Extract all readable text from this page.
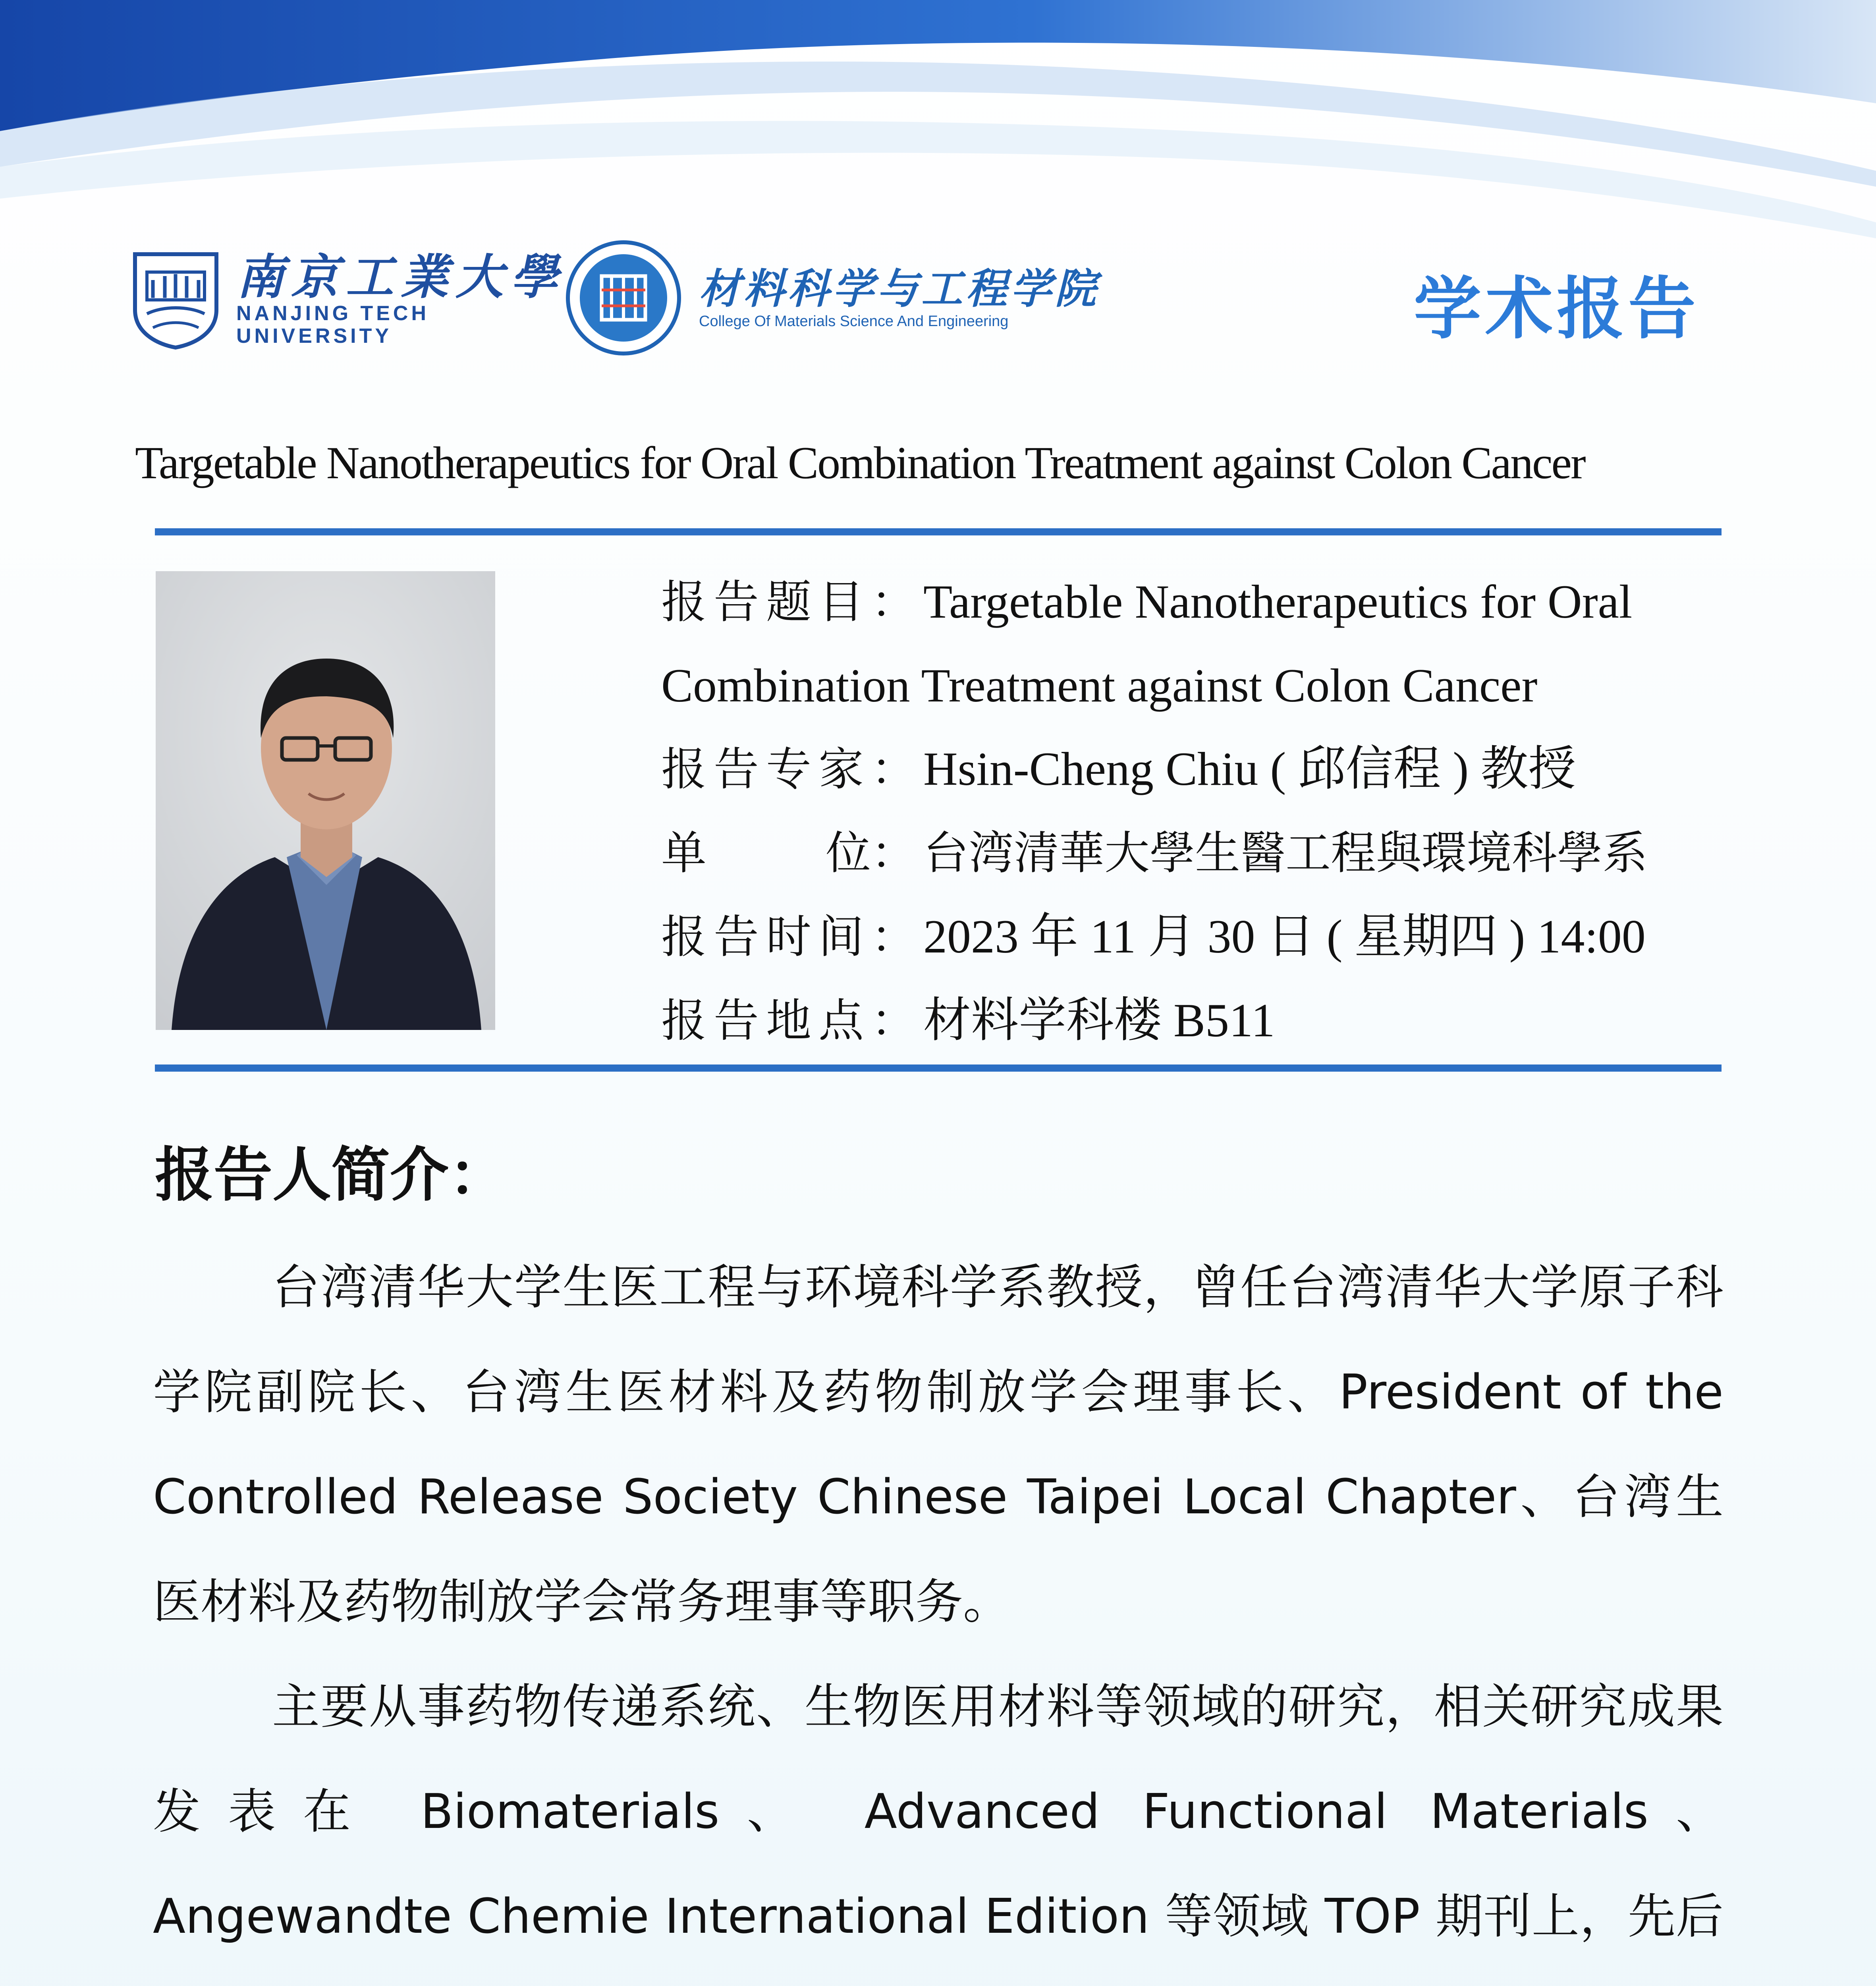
南京工業大學
NANJING TECH
UNIVERSITY
材料科学与工程学院
College Of Materials Science And Engineering	学术报告
Targetable Nanotherapeutics for Oral Combination Treatment against Colon Cancer
报告题目：Targetable Nanotherapeutics for Oral
Combination Treatment against Colon Cancer
报告专家：Hsin-Cheng Chiu ( 邱信程 ) 教授
单	位： 台湾清華大學生醫工程與環境科學系
报告时间：2023 年 11 月 30 日 ( 星期四 ) 14:00
报告地点：材料学科楼 B511
报告人简介：

台湾清华大学生医工程与环境科学系教授，曾任台湾清华大学原子科学院副院长、台湾生医材料及药物制放学会理事长、President of the Controlled Release Society Chinese Taipei Local Chapter、台湾生医材料及药物制放学会常务理事等职务。

主要从事药物传递系统、生物医用材料等领域的研究，相关研究成果发表在 Biomaterials、 Advanced Functional Materials、Angewandte Chemie International Edition 等领域 TOP 期刊上，先后
